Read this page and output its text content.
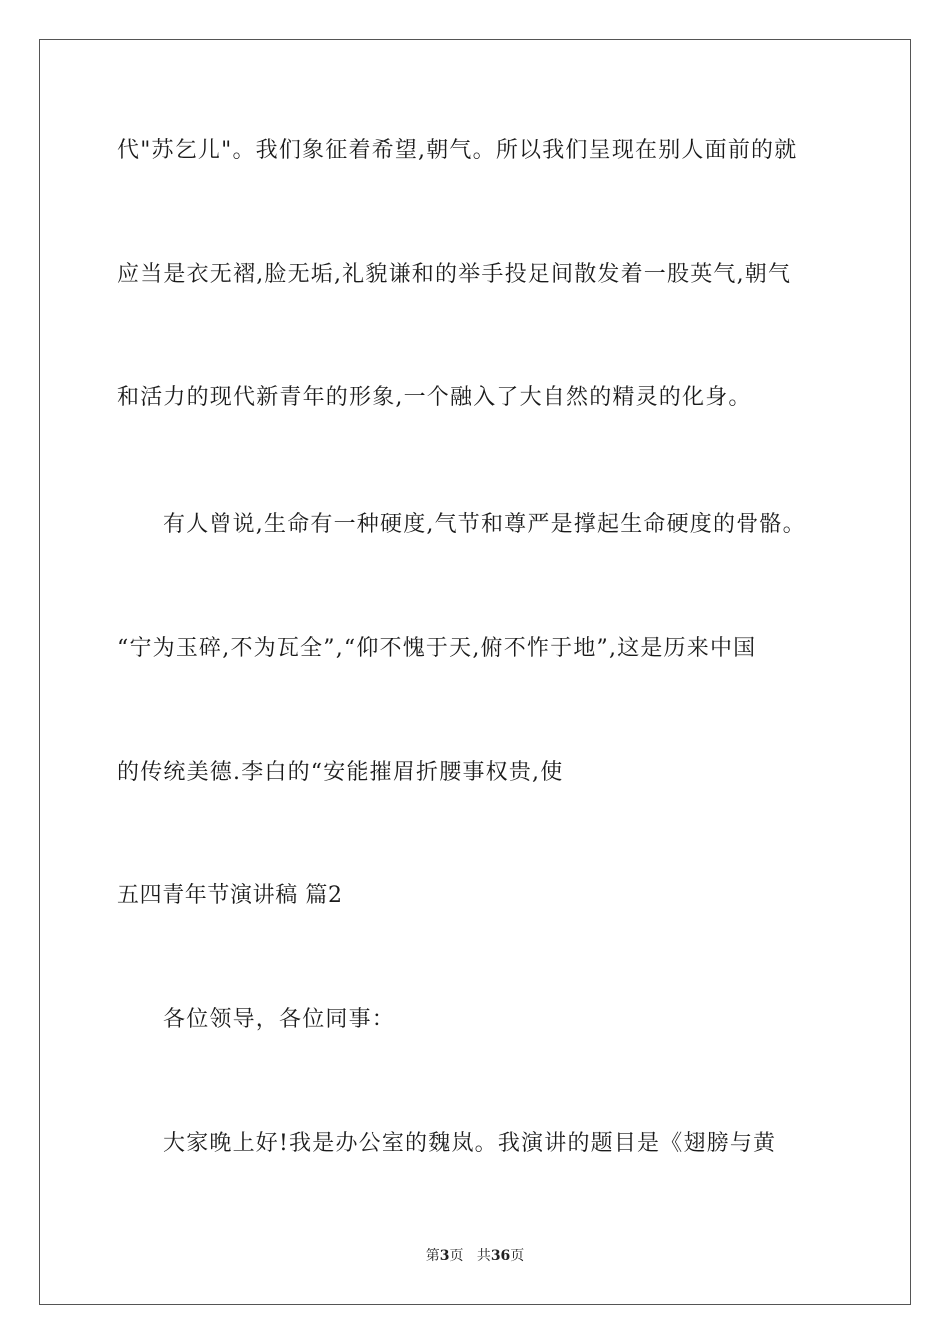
代"苏乞儿"。我们象征着希望,朝气。所以我们呈现在别人面前的就
应当是衣无褶,脸无垢,礼貌谦和的举手投足间散发着一股英气,朝气
和活力的现代新青年的形象,一个融入了大自然的精灵的化身。
有人曾说,生命有一种硬度,气节和尊严是撑起生命硬度的骨骼。
“宁为玉碎,不为瓦全”,“仰不愧于天,俯不怍于地”,这是历来中国
的传统美德.李白的“安能摧眉折腰事权贵,使
五四青年节演讲稿 篇2
各位领导，各位同事：
大家晚上好!我是办公室的魏岚。我演讲的题目是《翅膀与黄
第3页 共36页
